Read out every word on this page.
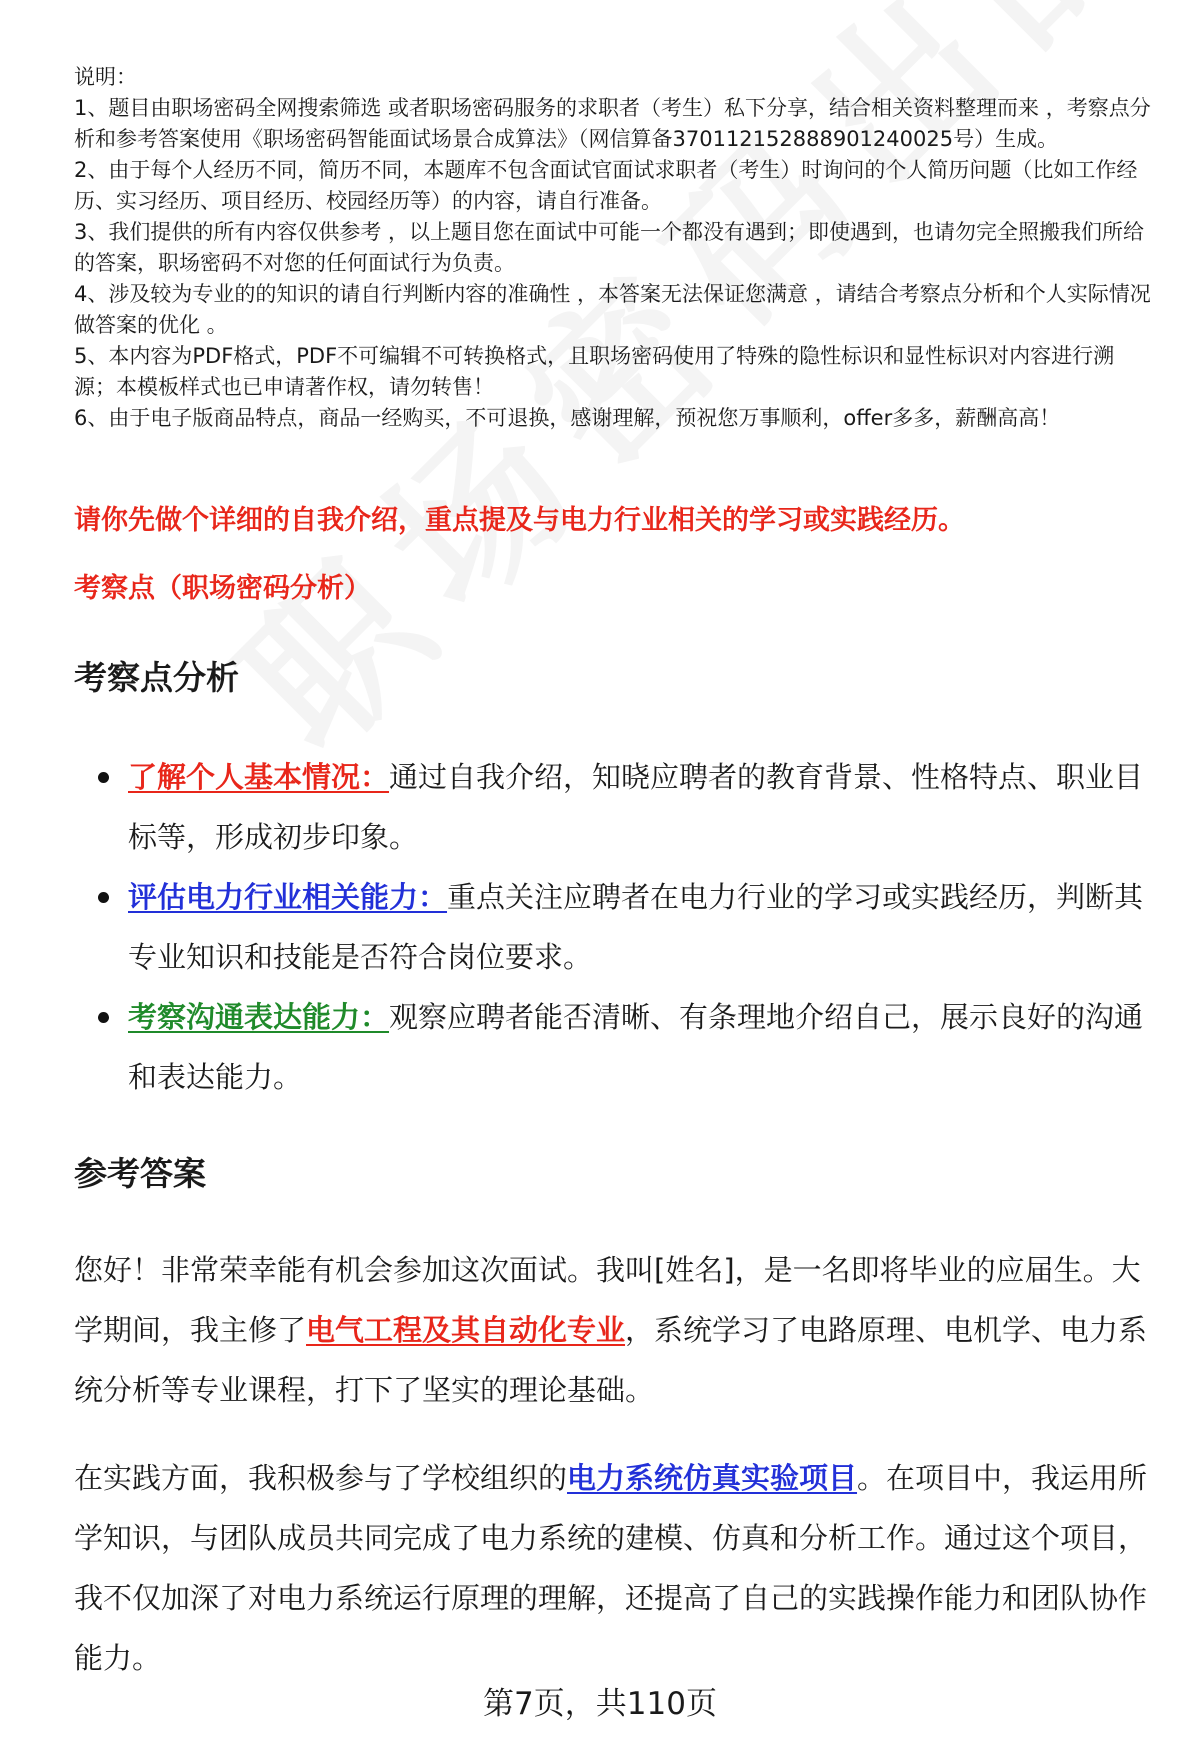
说明：

1、题目由职场密码全网搜索筛选 或者职场密码服务的求职者（考生）私下分享，结合相关资料整理而来 ，考察点分析和参考答案使用《职场密码智能面试场景合成算法》（网信算备370112152888901240025号）生成。

2、由于每个人经历不同，简历不同，本题库不包含面试官面试求职者（考生）时询问的个人简历问题（比如工作经历、实习经历、项目经历、校园经历等）的内容，请自行准备。

3、我们提供的所有内容仅供参考 ，以上题目您在面试中可能一个都没有遇到；即使遇到，也请勿完全照搬我们所给的答案，职场密码不对您的任何面试行为负责。

4、涉及较为专业的的知识的请自行判断内容的准确性 ，本答案无法保证您满意 ，请结合考察点分析和个人实际情况做答案的优化 。

5、本内容为PDF格式，PDF不可编辑不可转换格式，且职场密码使用了特殊的隐性标识和显性标识对内容进行溯源；本模板样式也已申请著作权，请勿转售！

6、由于电子版商品特点，商品一经购买，不可退换，感谢理解，预祝您万事顺利，offer多多，薪酬高高！

请你先做个详细的自我介绍，重点提及与电力行业相关的学习或实践经历。
考察点（职场密码分析）
考察点分析
了解个人基本情况：通过自我介绍，知晓应聘者的教育背景、性格特点、职业目标等，形成初步印象。
评估电力行业相关能力：重点关注应聘者在电力行业的学习或实践经历，判断其专业知识和技能是否符合岗位要求。
考察沟通表达能力：观察应聘者能否清晰、有条理地介绍自己，展示良好的沟通和表达能力。
参考答案

您好！非常荣幸能有机会参加这次面试。我叫[姓名]，是一名即将毕业的应届生。大学期间，我主修了电气工程及其自动化专业，系统学习了电路原理、电机学、电力系统分析等专业课程，打下了坚实的理论基础。

在实践方面，我积极参与了学校组织的电力系统仿真实验项目。在项目中，我运用所学知识，与团队成员共同完成了电力系统的建模、仿真和分析工作。通过这个项目，我不仅加深了对电力系统运行原理的理解，还提高了自己的实践操作能力和团队协作能力。

第7页，共110页
